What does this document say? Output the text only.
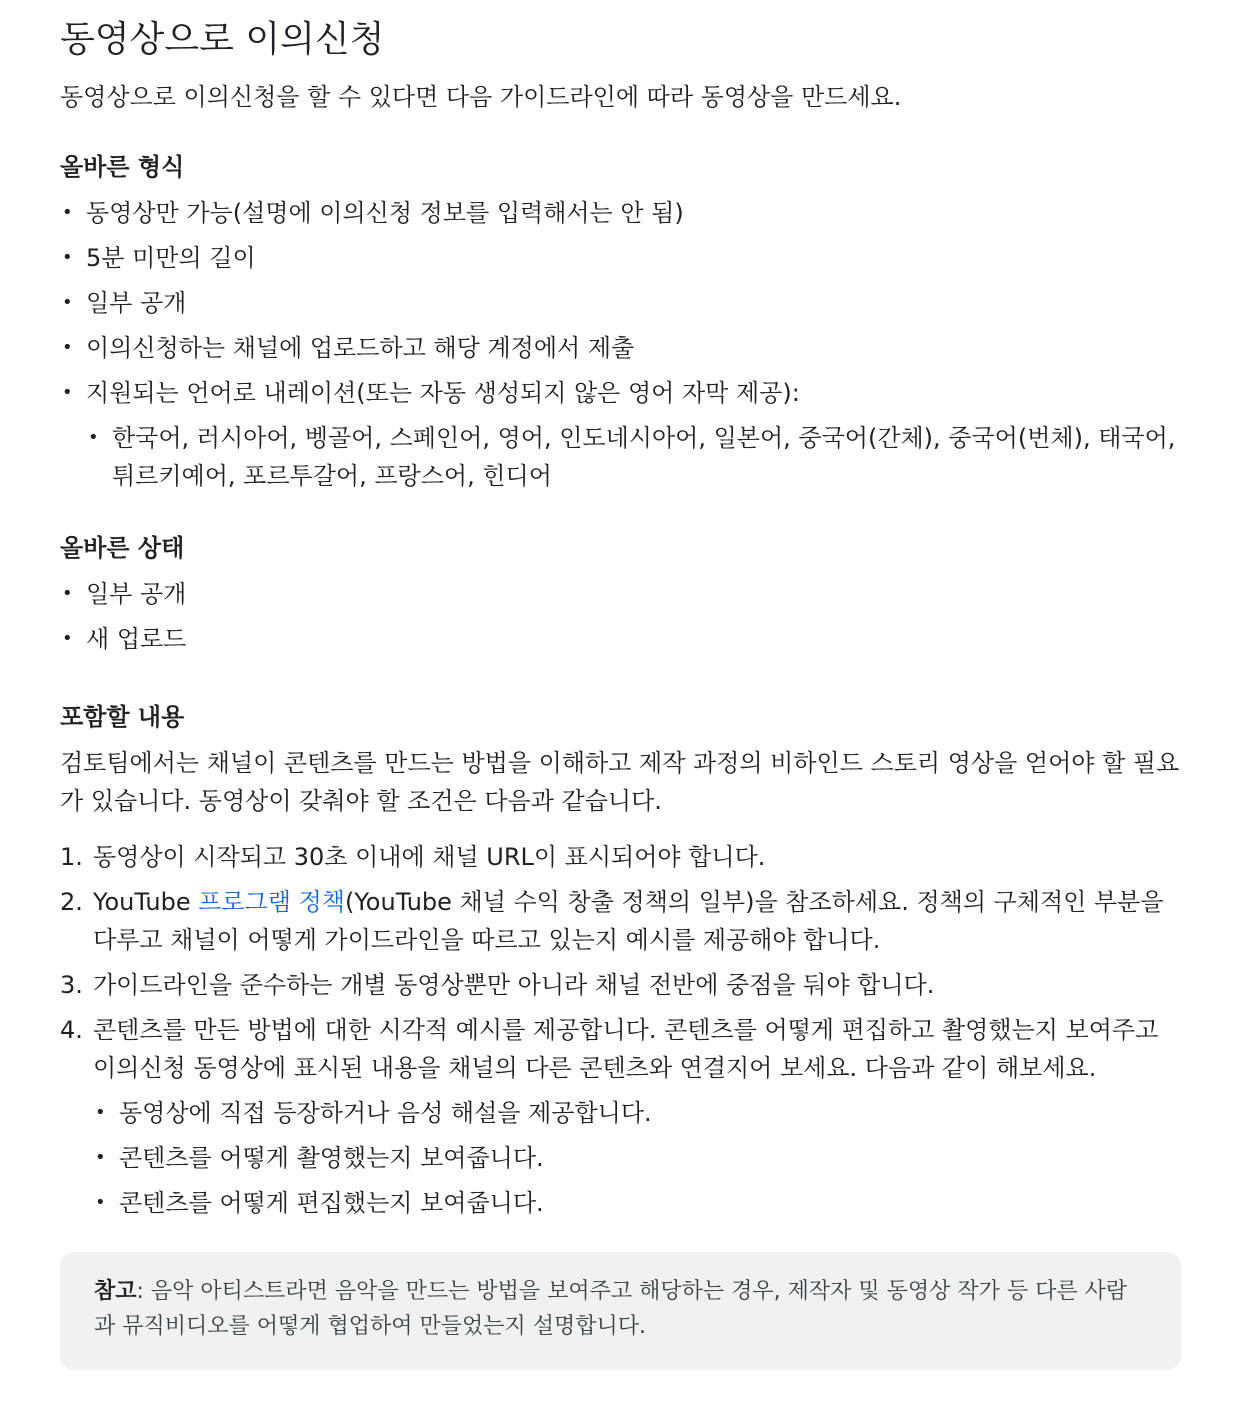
동영상으로 이의신청

동영상으로 이의신청을 할 수 있다면 다음 가이드라인에 따라 동영상을 만드세요.

올바른 형식
• 동영상만 가능(설명에 이의신청 정보를 입력해서는 안 됨)
• 5분 미만의 길이
• 일부 공개
• 이의신청하는 채널에 업로드하고 해당 계정에서 제출
• 지원되는 언어로 내레이션(또는 자동 생성되지 않은 영어 자막 제공):
• 한국어, 러시아어, 벵골어, 스페인어, 영어, 인도네시아어, 일본어, 중국어(간체), 중국어(번체), 태국어, 튀르키예어, 포르투갈어, 프랑스어, 힌디어
올바른 상태
• 일부 공개
• 새 업로드
포함할 내용

검토팀에서는 채널이 콘텐츠를 만드는 방법을 이해하고 제작 과정의 비하인드 스토리 영상을 얻어야 할 필요가 있습니다. 동영상이 갖춰야 할 조건은 다음과 같습니다.

1. 동영상이 시작되고 30초 이내에 채널 URL이 표시되어야 합니다.
2. YouTube 프로그램 정책(YouTube 채널 수익 창출 정책의 일부)을 참조하세요. 정책의 구체적인 부분을 다루고 채널이 어떻게 가이드라인을 따르고 있는지 예시를 제공해야 합니다.
3. 가이드라인을 준수하는 개별 동영상뿐만 아니라 채널 전반에 중점을 둬야 합니다.
4. 콘텐츠를 만든 방법에 대한 시각적 예시를 제공합니다. 콘텐츠를 어떻게 편집하고 촬영했는지 보여주고 이의신청 동영상에 표시된 내용을 채널의 다른 콘텐츠와 연결지어 보세요. 다음과 같이 해보세요.
• 동영상에 직접 등장하거나 음성 해설을 제공합니다.
• 콘텐츠를 어떻게 촬영했는지 보여줍니다.
• 콘텐츠를 어떻게 편집했는지 보여줍니다.
참고: 음악 아티스트라면 음악을 만드는 방법을 보여주고 해당하는 경우, 제작자 및 동영상 작가 등 다른 사람과 뮤직비디오를 어떻게 협업하여 만들었는지 설명합니다.
